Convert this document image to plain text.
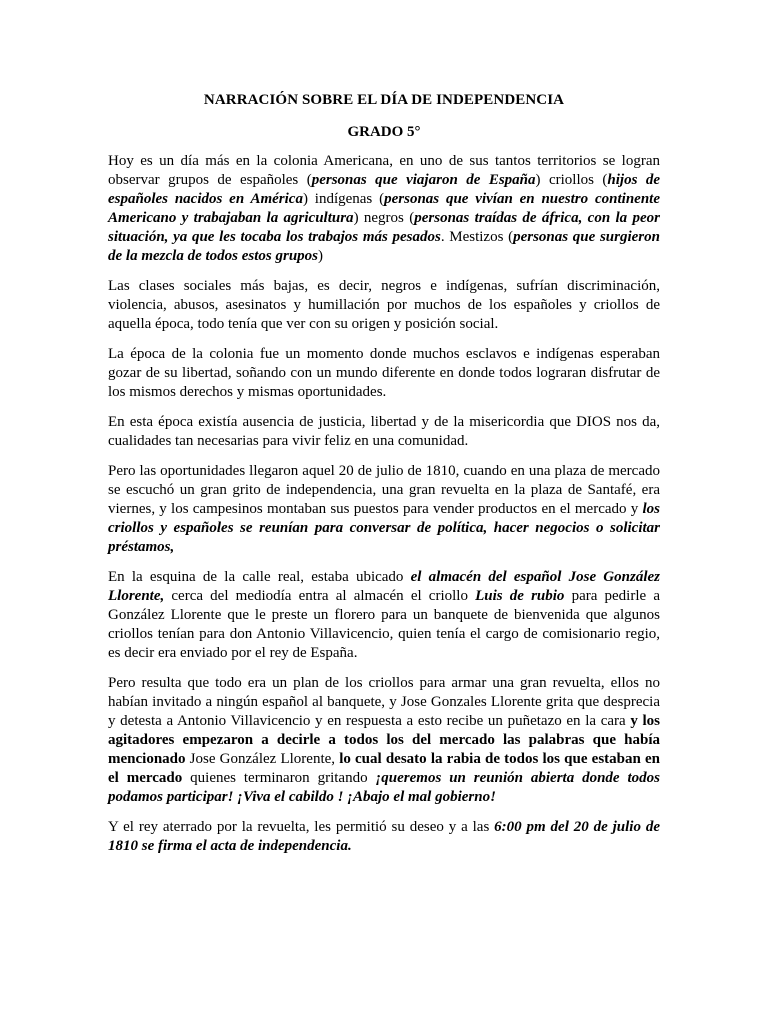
NARRACIÓN SOBRE EL DÍA DE INDEPENDENCIA
GRADO 5°

Hoy es un día más en la colonia Americana, en uno de sus tantos territorios se logran observar grupos de españoles (personas que viajaron de España) criollos (hijos de españoles nacidos en América) indígenas (personas que vivían en nuestro continente Americano y trabajaban la agricultura) negros (personas traídas de áfrica, con la peor situación, ya que les tocaba los trabajos más pesados. Mestizos (personas que surgieron de la mezcla de todos estos grupos)

Las clases sociales más bajas, es decir, negros e indígenas, sufrían discriminación, violencia, abusos, asesinatos y humillación por muchos de los españoles y criollos de aquella época, todo tenía que ver con su origen y posición social.

La época de la colonia fue un momento donde muchos esclavos e indígenas esperaban gozar de su libertad, soñando con un mundo diferente en donde todos lograran disfrutar de los mismos derechos y mismas oportunidades.

En esta época existía ausencia de justicia, libertad y de la misericordia que DIOS nos da, cualidades tan necesarias para vivir feliz en una comunidad.

Pero las oportunidades llegaron aquel 20 de julio de 1810, cuando en una plaza de mercado se escuchó un gran grito de independencia, una gran revuelta en la plaza de Santafé, era viernes, y los campesinos montaban sus puestos para vender productos en el mercado y los criollos y españoles se reunían para conversar de política, hacer negocios o solicitar préstamos,

En la esquina de la calle real, estaba ubicado el almacén del español Jose González Llorente, cerca del mediodía entra al almacén el criollo Luis de rubio para pedirle a González Llorente que le preste un florero para un banquete de bienvenida que algunos criollos tenían para don Antonio Villavicencio, quien tenía el cargo de comisionario regio, es decir era enviado por el rey de España.

Pero resulta que todo era un plan de los criollos para armar una gran revuelta, ellos no habían invitado a ningún español al banquete, y Jose Gonzales Llorente grita que desprecia y detesta a Antonio Villavicencio y en respuesta a esto recibe un puñetazo en la cara y los agitadores empezaron a decirle a todos los del mercado las palabras que había mencionado Jose González Llorente, lo cual desato la rabia de todos los que estaban en el mercado quienes terminaron gritando ¡queremos un reunión abierta donde todos podamos participar! ¡Viva el cabildo ! ¡Abajo el mal gobierno!

Y el rey aterrado por la revuelta, les permitió su deseo y a las 6:00 pm del 20 de julio de 1810 se firma el acta de independencia.
